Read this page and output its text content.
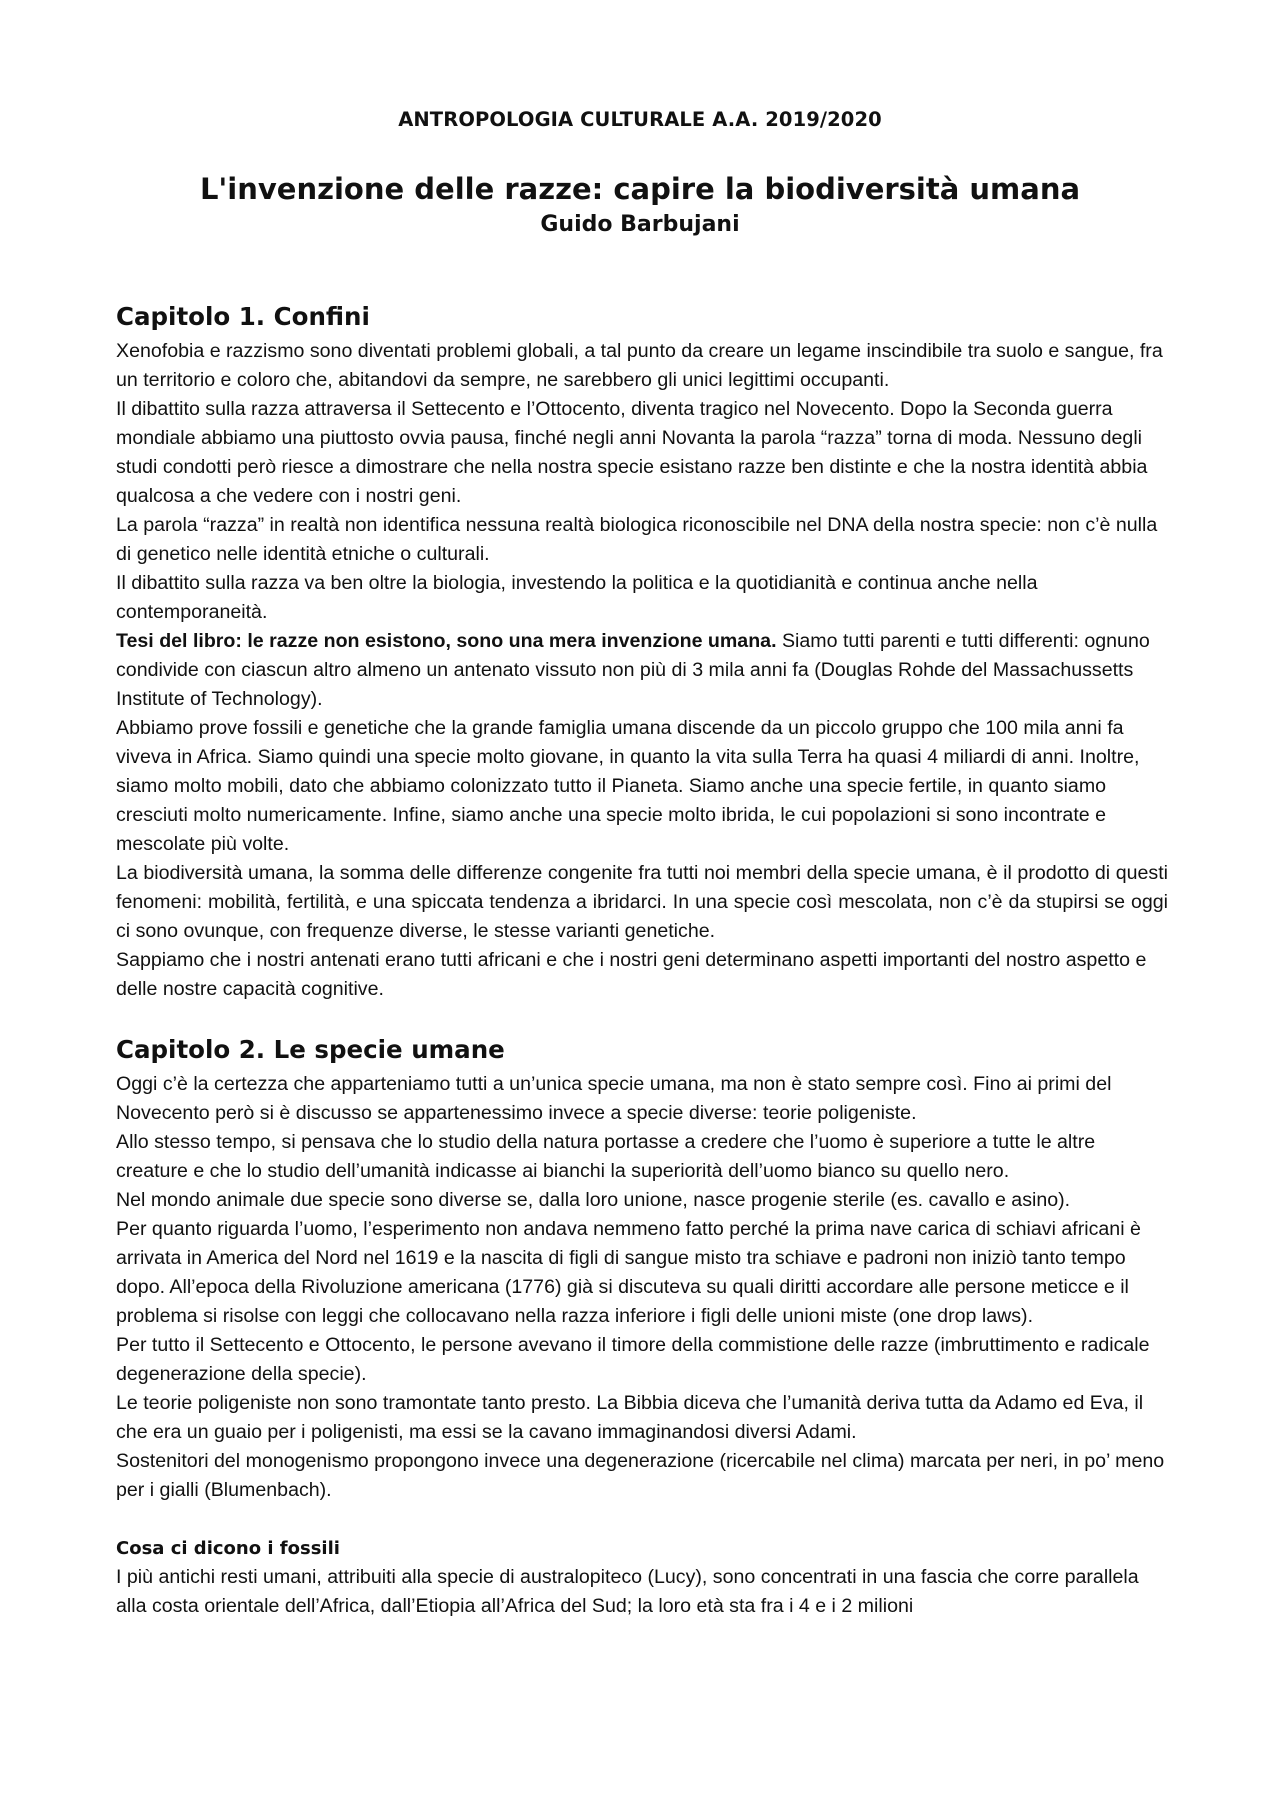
ANTROPOLOGIA CULTURALE A.A. 2019/2020
L'invenzione delle razze: capire la biodiversità umana
Guido Barbujani
Capitolo 1. Confini

Xenofobia e razzismo sono diventati problemi globali, a tal punto da creare un legame inscindibile tra suolo e sangue, fra un territorio e coloro che, abitandovi da sempre, ne sarebbero gli unici legittimi occupanti.

Il dibattito sulla razza attraversa il Settecento e l’Ottocento, diventa tragico nel Novecento. Dopo la Seconda guerra mondiale abbiamo una piuttosto ovvia pausa, finché negli anni Novanta la parola “razza” torna di moda. Nessuno degli studi condotti però riesce a dimostrare che nella nostra specie esistano razze ben distinte e che la nostra identità abbia qualcosa a che vedere con i nostri geni.

La parola “razza” in realtà non identifica nessuna realtà biologica riconoscibile nel DNA della nostra specie: non c’è nulla di genetico nelle identità etniche o culturali.

Il dibattito sulla razza va ben oltre la biologia, investendo la politica e la quotidianità e continua anche nella contemporaneità.

Tesi del libro: le razze non esistono, sono una mera invenzione umana. Siamo tutti parenti e tutti differenti: ognuno condivide con ciascun altro almeno un antenato vissuto non più di 3 mila anni fa (Douglas Rohde del Massachussetts Institute of Technology).

Abbiamo prove fossili e genetiche che la grande famiglia umana discende da un piccolo gruppo che 100 mila anni fa viveva in Africa. Siamo quindi una specie molto giovane, in quanto la vita sulla Terra ha quasi 4 miliardi di anni. Inoltre, siamo molto mobili, dato che abbiamo colonizzato tutto il Pianeta. Siamo anche una specie fertile, in quanto siamo cresciuti molto numericamente. Infine, siamo anche una specie molto ibrida, le cui popolazioni si sono incontrate e mescolate più volte.

La biodiversità umana, la somma delle differenze congenite fra tutti noi membri della specie umana, è il prodotto di questi fenomeni: mobilità, fertilità, e una spiccata tendenza a ibridarci. In una specie così mescolata, non c’è da stupirsi se oggi ci sono ovunque, con frequenze diverse, le stesse varianti genetiche.

Sappiamo che i nostri antenati erano tutti africani e che i nostri geni determinano aspetti importanti del nostro aspetto e delle nostre capacità cognitive.

Capitolo 2. Le specie umane

Oggi c’è la certezza che apparteniamo tutti a un’unica specie umana, ma non è stato sempre così. Fino ai primi del Novecento però si è discusso se appartenessimo invece a specie diverse: teorie poligeniste.

Allo stesso tempo, si pensava che lo studio della natura portasse a credere che l’uomo è superiore a tutte le altre creature e che lo studio dell’umanità indicasse ai bianchi la superiorità dell’uomo bianco su quello nero.

Nel mondo animale due specie sono diverse se, dalla loro unione, nasce progenie sterile (es. cavallo e asino).

Per quanto riguarda l’uomo, l’esperimento non andava nemmeno fatto perché la prima nave carica di schiavi africani è arrivata in America del Nord nel 1619 e la nascita di figli di sangue misto tra schiave e padroni non iniziò tanto tempo dopo. All’epoca della Rivoluzione americana (1776) già si discuteva su quali diritti accordare alle persone meticce e il problema si risolse con leggi che collocavano nella razza inferiore i figli delle unioni miste (one drop laws).

Per tutto il Settecento e Ottocento, le persone avevano il timore della commistione delle razze (imbruttimento e radicale degenerazione della specie).

Le teorie poligeniste non sono tramontate tanto presto. La Bibbia diceva che l’umanità deriva tutta da Adamo ed Eva, il che era un guaio per i poligenisti, ma essi se la cavano immaginandosi diversi Adami.

Sostenitori del monogenismo propongono invece una degenerazione (ricercabile nel clima) marcata per neri, in po’ meno per i gialli (Blumenbach).

Cosa ci dicono i fossili

I più antichi resti umani, attribuiti alla specie di australopiteco (Lucy), sono concentrati in una fascia che corre parallela alla costa orientale dell’Africa, dall’Etiopia all’Africa del Sud; la loro età sta fra i 4 e i 2 milioni
